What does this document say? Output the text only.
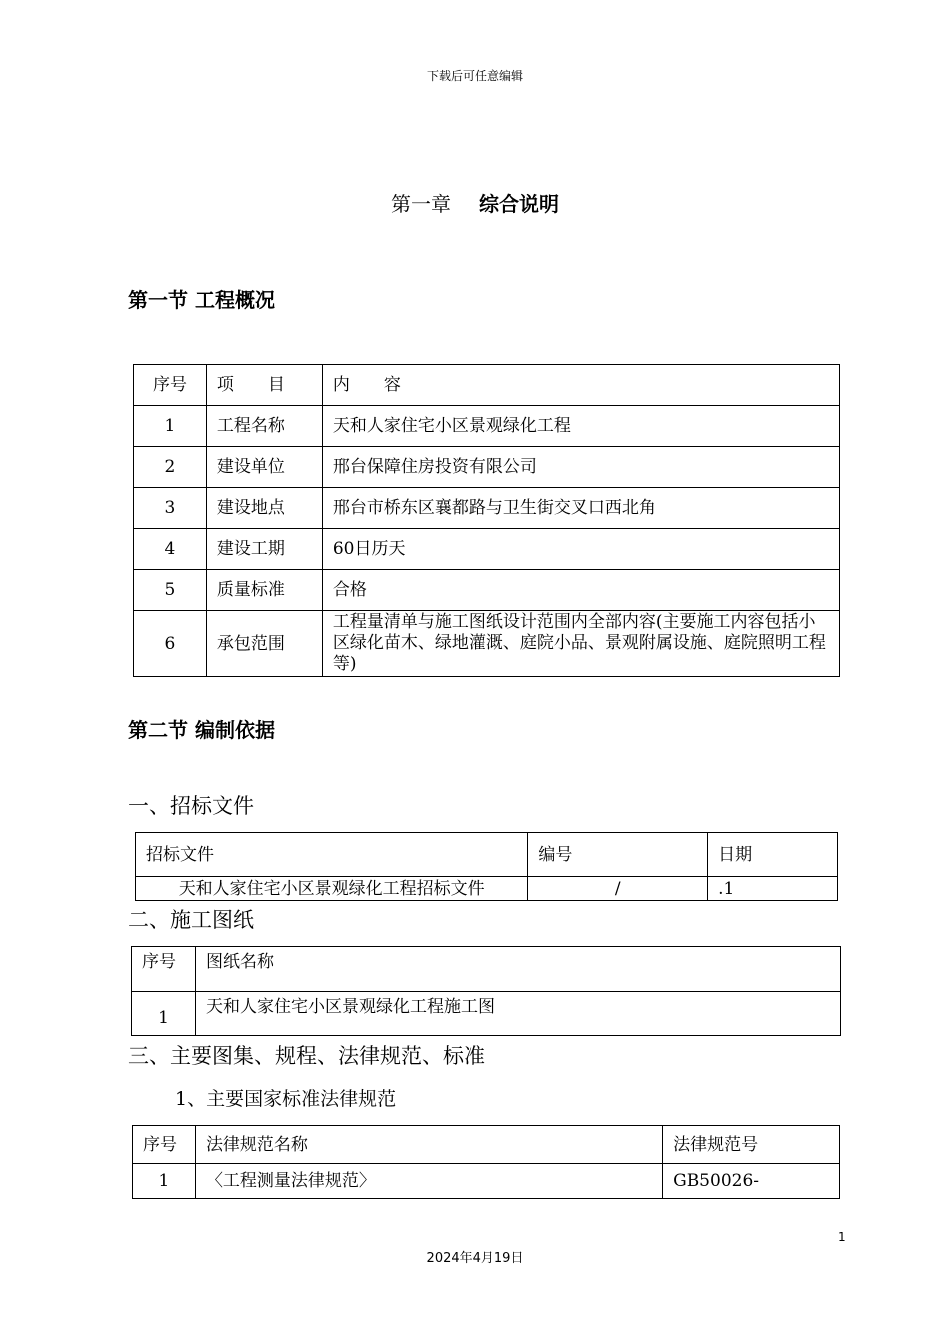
下载后可任意编辑
第一章 综合说明
第一节 工程概况
序号	项　　目	内　　容
1	工程名称	天和人家住宅小区景观绿化工程
2	建设单位	邢台保障住房投资有限公司
3	建设地点	邢台市桥东区襄都路与卫生街交叉口西北角
4	建设工期	60日历天
5	质量标准	合格
6	承包范围	工程量清单与施工图纸设计范围内全部内容(主要施工内容包括小区绿化苗木、绿地灌溉、庭院小品、景观附属设施、庭院照明工程等)
第二节 编制依据
一、招标文件
招标文件	编号	日期
天和人家住宅小区景观绿化工程招标文件	/	.1
二、施工图纸
序号	图纸名称
1	天和人家住宅小区景观绿化工程施工图
三、主要图集、规程、法律规范、标准
1、主要国家标准法律规范
序号	法律规范名称	法律规范号
1	〈工程测量法律规范〉	GB50026-
1
2024年4月19日
